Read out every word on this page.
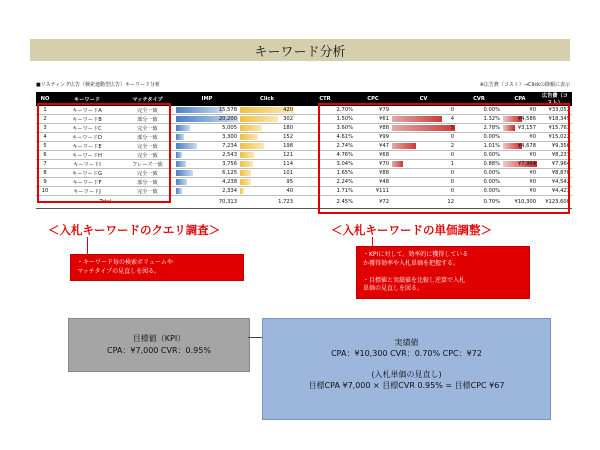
キーワード分析
■リスティング広告（検索連動型広告）キーワード分析	※広告費（コスト）→Clickの降順に表示
NO	キーワード	マッチタイプ	IMP	Click	CTR	CPC	CV	CVR	CPA	広告費（コスト）
1	キーワードA	完全一致	15,578	420	2.70%	¥79	0	0.00%	¥0	¥33,052
2	キーワードB	部分一致	20,200	302	1.50%	¥61	4	1.32%	¥4,586	¥18,345
3	キーワードC	完全一致	5,005	180	3.60%	¥88	5	2.78%	¥3,157	¥15,763
4	キーワードD	部分一致	3,300	152	4.61%	¥99	0	0.00%	¥0	¥15,022
5	キーワードE	完全一致	7,234	198	2.74%	¥47	2	1.01%	¥4,678	¥9,356
6	キーワードH	完全一致	2,543	121	4.76%	¥68	0	0.00%	¥0	¥8,237
7	キーワードI	フレーズ一致	3,756	114	3.04%	¥70	1	0.88%	¥7,964	¥7,964
8	キーワードG	完全一致	6,125	101	1.65%	¥88	0	0.00%	¥0	¥8,876
9	キーワードF	部分一致	4,238	95	2.24%	¥48	0	0.00%	¥0	¥4,542
10	キーワードJ	完全一致	2,334	40	1.71%	¥111	0	0.00%	¥0	¥4,423
Total			70,313	1,723	2.45%	¥72	12	0.70%	¥10,300	¥123,600
＜入札キーワードのクエリ調査＞	＜入札キーワードの単価調整＞

・キーワード毎の検索ボリュームや

マッチタイプの見直しを図る。

・KPIに対して、効率的に獲得している

か獲得効率や入札単価を把握する。

・目標値と実績値を比較し逆算で入札

単価の見直しを図る。

目標値（KPI）
CPA：¥7,000 CVR：0.95%
実績値
CPA：¥10,300 CVR：0.70% CPC：¥72
(入札単価の見直し)
目標CPA ¥7,000 × 目標CVR 0.95% = 目標CPC ¥67
